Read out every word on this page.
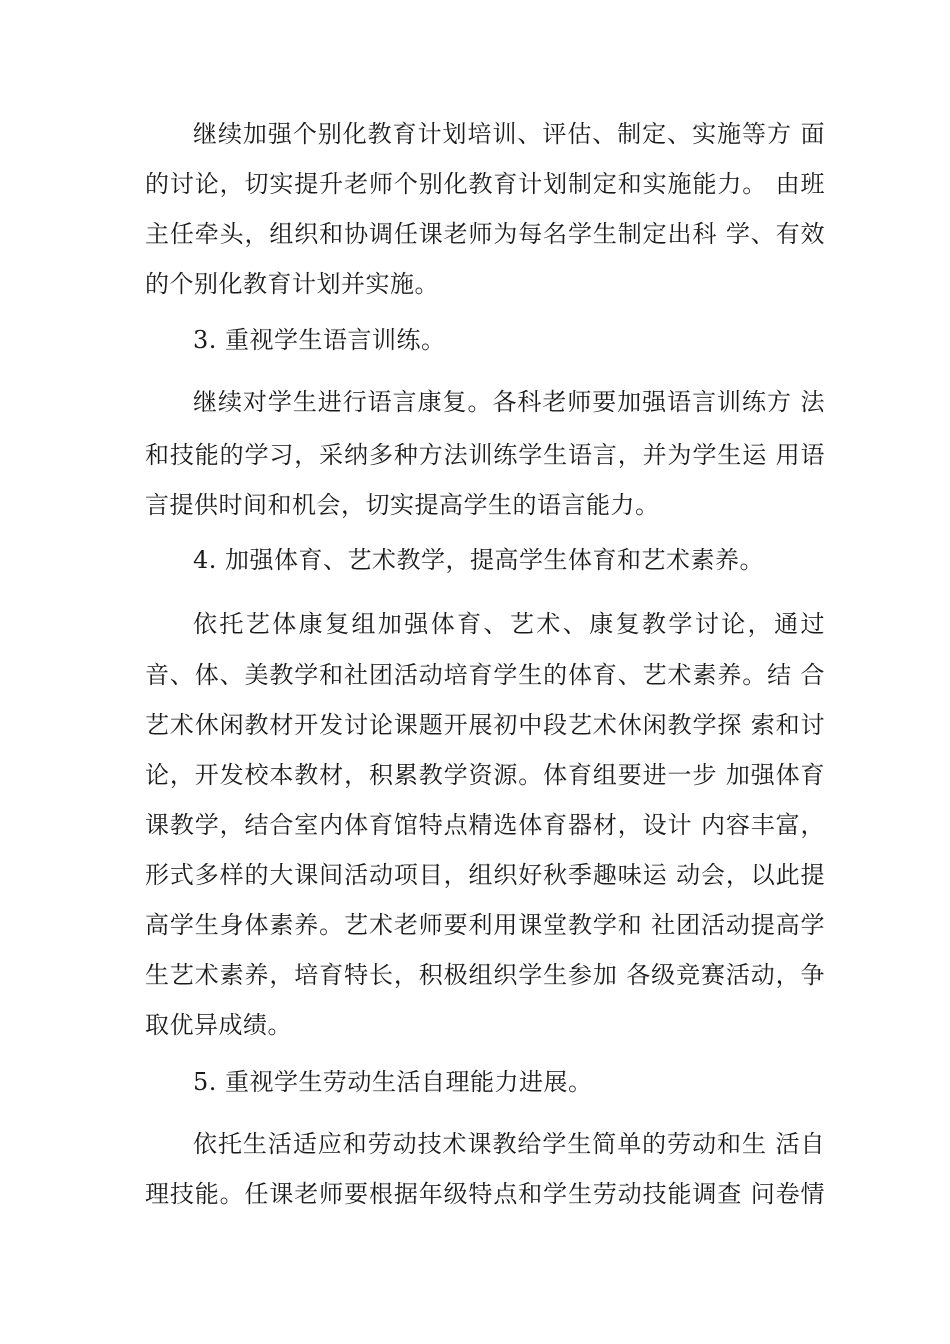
继续加强个别化教育计划培训、评估、制定、实施等方 面
的讨论，切实提升老师个别化教育计划制定和实施能力。 由班
主任牵头，组织和协调任课老师为每名学生制定出科 学、有效
的个别化教育计划并实施。
3. 重视学生语言训练。
继续对学生进行语言康复。各科老师要加强语言训练方 法
和技能的学习，采纳多种方法训练学生语言，并为学生运 用语
言提供时间和机会，切实提高学生的语言能力。
4. 加强体育、艺术教学，提高学生体育和艺术素养。
依托艺体康复组加强体育、艺术、康复教学讨论，通过
音、体、美教学和社团活动培育学生的体育、艺术素养。结 合
艺术休闲教材开发讨论课题开展初中段艺术休闲教学探 索和讨
论，开发校本教材，积累教学资源。体育组要进一步 加强体育
课教学，结合室内体育馆特点精选体育器材，设计 内容丰富，
形式多样的大课间活动项目，组织好秋季趣味运 动会，以此提
高学生身体素养。艺术老师要利用课堂教学和 社团活动提高学
生艺术素养，培育特长，积极组织学生参加 各级竞赛活动，争
取优异成绩。
5. 重视学生劳动生活自理能力进展。
依托生活适应和劳动技术课教给学生简单的劳动和生 活自
理技能。任课老师要根据年级特点和学生劳动技能调查 问卷情
